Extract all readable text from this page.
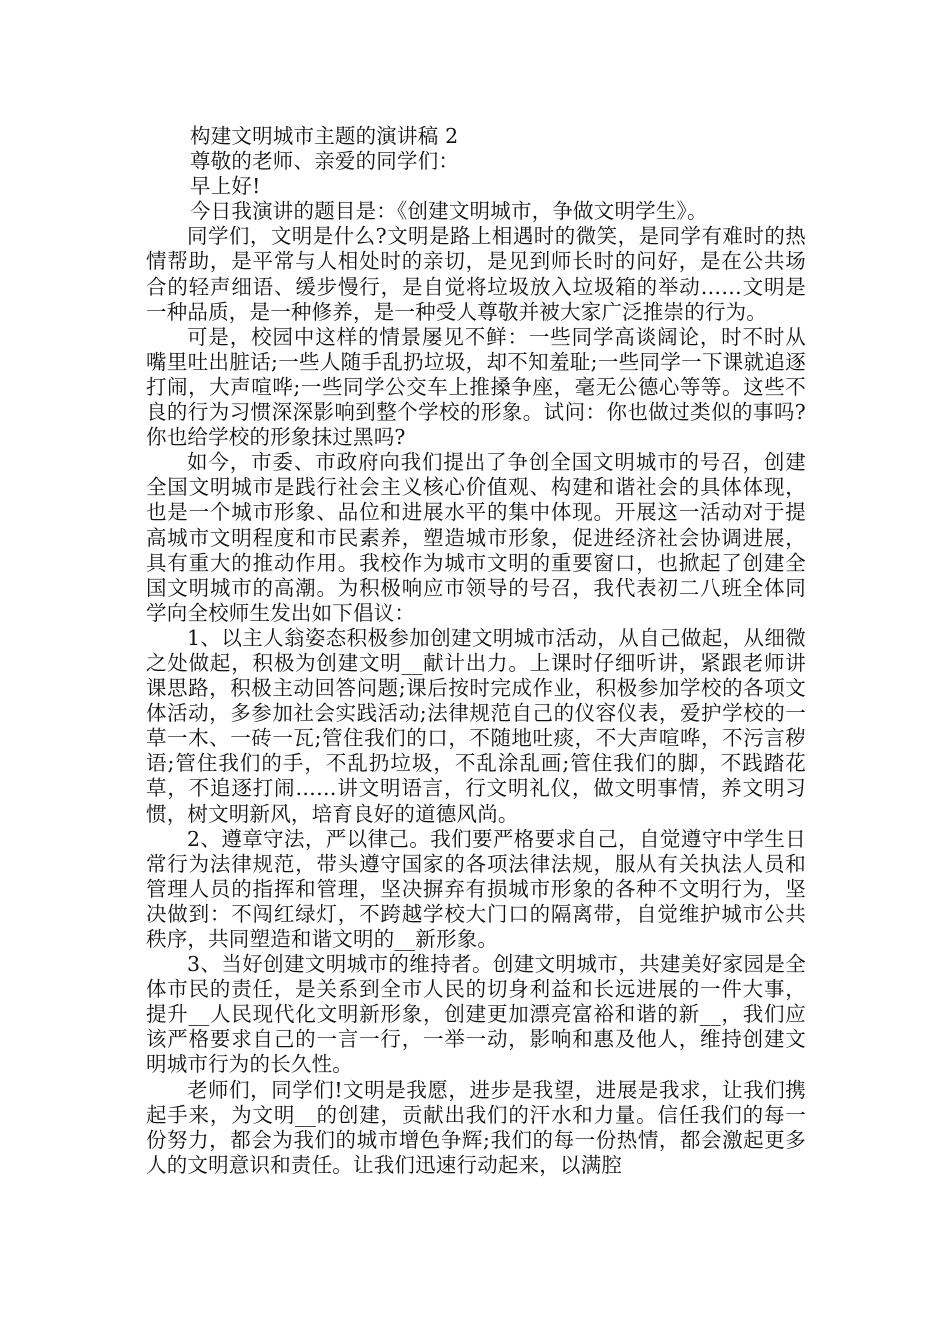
构建文明城市主题的演讲稿 2

尊敬的老师、亲爱的同学们：

早上好!

今日我演讲的题目是：《创建文明城市，争做文明学生》。

同学们，文明是什么?文明是路上相遇时的微笑，是同学有难时的热情帮助，是平常与人相处时的亲切，是见到师长时的问好，是在公共场合的轻声细语、缓步慢行，是自觉将垃圾放入垃圾箱的举动……文明是一种品质，是一种修养，是一种受人尊敬并被大家广泛推崇的行为。

可是，校园中这样的情景屡见不鲜：一些同学高谈阔论，时不时从嘴里吐出脏话;一些人随手乱扔垃圾，却不知羞耻;一些同学一下课就追逐打闹，大声喧哗;一些同学公交车上推搡争座，毫无公德心等等。这些不良的行为习惯深深影响到整个学校的形象。试问：你也做过类似的事吗?你也给学校的形象抹过黑吗?

如今，市委、市政府向我们提出了争创全国文明城市的号召，创建全国文明城市是践行社会主义核心价值观、构建和谐社会的具体体现，也是一个城市形象、品位和进展水平的集中体现。开展这一活动对于提高城市文明程度和市民素养，塑造城市形象，促进经济社会协调进展，具有重大的推动作用。我校作为城市文明的重要窗口，也掀起了创建全国文明城市的高潮。为积极响应市领导的号召，我代表初二八班全体同学向全校师生发出如下倡议：

1、以主人翁姿态积极参加创建文明城市活动，从自己做起，从细微之处做起，积极为创建文明__献计出力。上课时仔细听讲，紧跟老师讲课思路，积极主动回答问题;课后按时完成作业，积极参加学校的各项文体活动，多参加社会实践活动;法律规范自己的仪容仪表，爱护学校的一草一木、一砖一瓦;管住我们的口，不随地吐痰，不大声喧哗，不污言秽语;管住我们的手，不乱扔垃圾，不乱涂乱画;管住我们的脚，不践踏花草，不追逐打闹……讲文明语言，行文明礼仪，做文明事情，养文明习惯，树文明新风，培育良好的道德风尚。

2、遵章守法，严以律己。我们要严格要求自己，自觉遵守中学生日常行为法律规范，带头遵守国家的各项法律法规，服从有关执法人员和管理人员的指挥和管理，坚决摒弃有损城市形象的各种不文明行为，坚决做到：不闯红绿灯，不跨越学校大门口的隔离带，自觉维护城市公共秩序，共同塑造和谐文明的__新形象。

3、当好创建文明城市的维持者。创建文明城市，共建美好家园是全体市民的责任，是关系到全市人民的切身利益和长远进展的一件大事，提升__人民现代化文明新形象，创建更加漂亮富裕和谐的新__，我们应该严格要求自己的一言一行，一举一动，影响和惠及他人，维持创建文明城市行为的长久性。

老师们，同学们!文明是我愿，进步是我望，进展是我求，让我们携起手来，为文明__的创建，贡献出我们的汗水和力量。信任我们的每一份努力，都会为我们的城市增色争辉;我们的每一份热情，都会激起更多人的文明意识和责任。让我们迅速行动起来，以满腔
